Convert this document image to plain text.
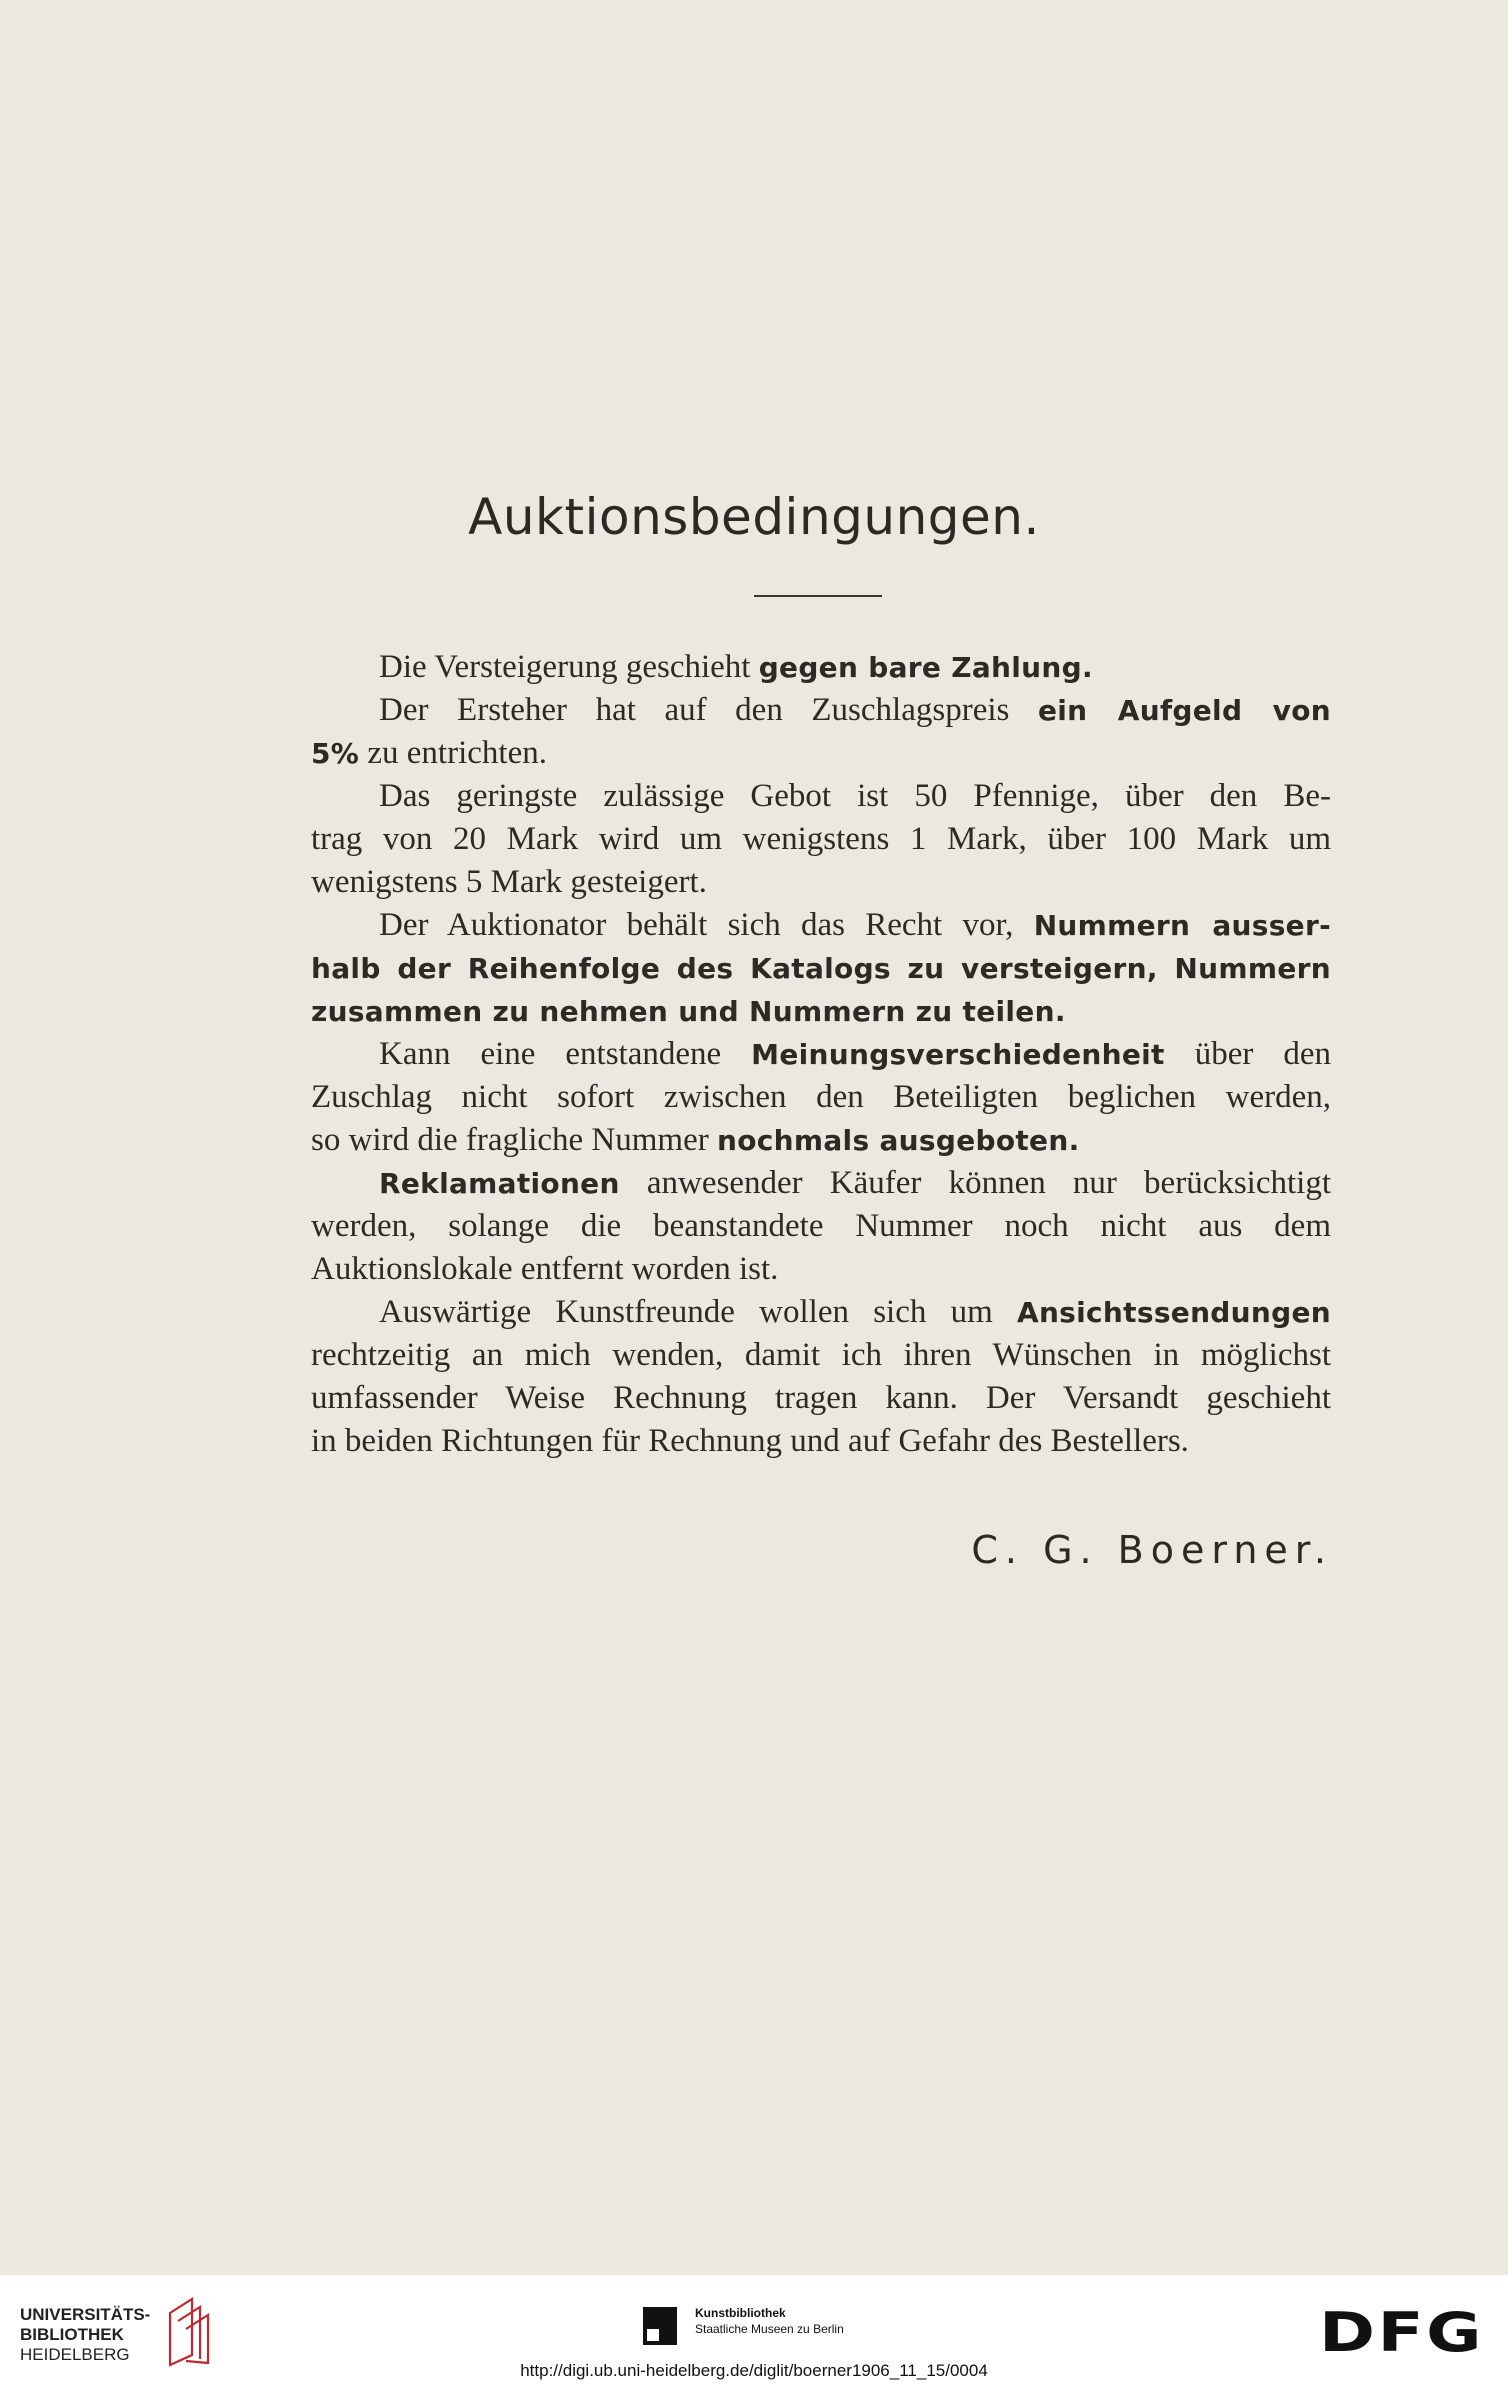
Auktionsbedingungen.
Die Versteigerung geschieht gegen bare Zahlung.
Der Ersteher hat auf den Zuschlagspreis ein Aufgeld von
5% zu entrichten.
Das geringste zulässige Gebot ist 50 Pfennige, über den Be-
trag von 20 Mark wird um wenigstens 1 Mark, über 100 Mark um
wenigstens 5 Mark gesteigert.
Der Auktionator behält sich das Recht vor, Nummern ausser-
halb der Reihenfolge des Katalogs zu versteigern, Nummern
zusammen zu nehmen und Nummern zu teilen.
Kann eine entstandene Meinungsverschiedenheit über den
Zuschlag nicht sofort zwischen den Beteiligten beglichen werden,
so wird die fragliche Nummer nochmals ausgeboten.
Reklamationen anwesender Käufer können nur berücksichtigt
werden, solange die beanstandete Nummer noch nicht aus dem
Auktionslokale entfernt worden ist.
Auswärtige Kunstfreunde wollen sich um Ansichtssendungen
rechtzeitig an mich wenden, damit ich ihren Wünschen in möglichst
umfassender Weise Rechnung tragen kann. Der Versandt geschieht
in beiden Richtungen für Rechnung und auf Gefahr des Bestellers.
C. G. Boerner.
UNIVERSITÄTS-
BIBLIOTHEK
HEIDELBERG
Kunstbibliothek
Staatliche Museen zu Berlin	DFG
http://digi.ub.uni-heidelberg.de/diglit/boerner1906_11_15/0004
